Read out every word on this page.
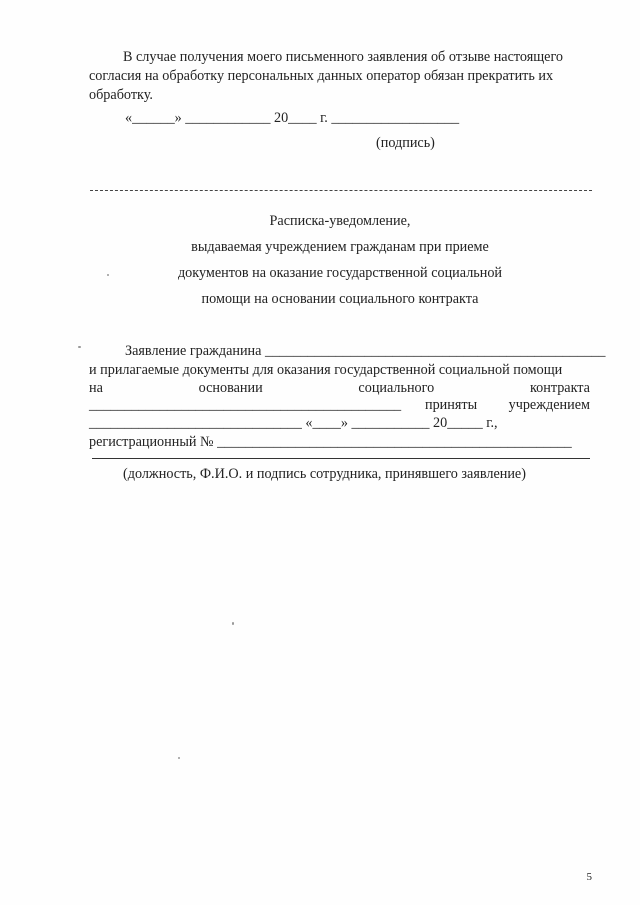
В случае получения моего письменного заявления об отзыве настоящего
согласия на обработку персональных данных оператор обязан прекратить их
обработку.
«______» ____________ 20____ г. __________________
(подпись)
Расписка-уведомление,
выдаваемая учреждением гражданам при приеме
документов на оказание государственной социальной
помощи на основании социального контракта
Заявление гражданина ________________________________________________
и прилагаемые документы для оказания государственной социальной помощи
на	основании	социального	контракта
____________________________________________ приняты учреждением
______________________________ «____» ___________ 20_____ г.,
регистрационный № __________________________________________________
(должность, Ф.И.О. и подпись сотрудника, принявшего заявление)
5
